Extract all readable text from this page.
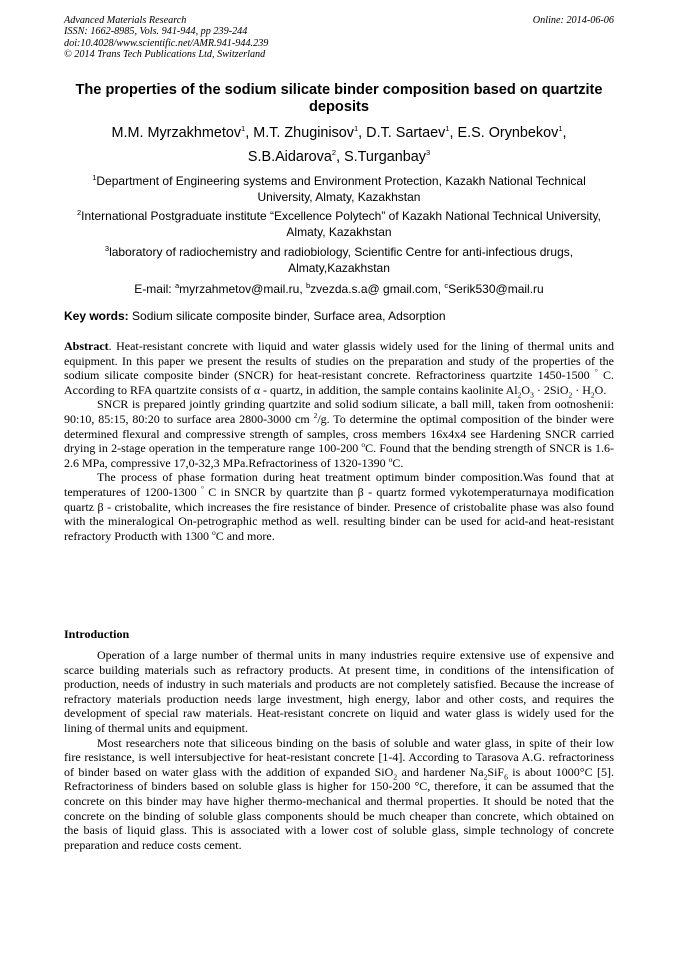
Advanced Materials Research
ISSN: 1662-8985, Vols. 941-944, pp 239-244
doi:10.4028/www.scientific.net/AMR.941-944.239
© 2014 Trans Tech Publications Ltd, Switzerland
Online: 2014-06-06
The properties of the sodium silicate binder composition based on quartzite deposits
M.M. Myrzakhmetov$^1$, M.T. Zhuginisov$^1$, D.T. Sartaev$^1$, E.S. Orynbekov$^1$,
S.B.Aidarova$^2$, S.Turganbay$^3$
$^1$Department of Engineering systems and Environment Protection, Kazakh National Technical University, Almaty, Kazakhstan
$^2$International Postgraduate institute “Excellence Polytech” of Kazakh National Technical University, Almaty, Kazakhstan
$^3$laboratory of radiochemistry and radiobiology, Scientific Centre for anti-infectious drugs, Almaty,Kazakhstan
E-mail: $^a$myrzahmetov@mail.ru, $^b$zvezda.s.a@ gmail.com, $^c$Serik530@mail.ru
Key words: Sodium silicate composite binder, Surface area, Adsorption

Abstract. Heat-resistant concrete with liquid and water glassis widely used for the lining of thermal units and equipment. In this paper we present the results of studies on the preparation and study of the properties of the sodium silicate composite binder (SNCR) for heat-resistant concrete. Refractoriness quartzite 1450-1500 ° C. According to RFA quartzite consists of α - quartz, in addition, the sample contains kaolinite $Al_2O_3 \cdot 2SiO_2 \cdot H_2O$.

SNCR is prepared jointly grinding quartzite and solid sodium silicate, a ball mill, taken from ootnoshenii: 90:10, 85:15, 80:20 to surface area 2800-3000 cm $^2$/g. To determine the optimal composition of the binder were determined flexural and compressive strength of samples, cross members 16x4x4 see Hardening SNCR carried drying in 2-stage operation in the temperature range 100-200 $^o$C. Found that the bending strength of SNCR is 1.6-2.6 MPa, compressive 17,0-32,3 MPa.Refractoriness of 1320-1390 $^o$C.

The process of phase formation during heat treatment optimum binder composition.Was found that at temperatures of 1200-1300 ° C in SNCR by quartzite than β - quartz formed vykotemperaturnaya modification quartz β - cristobalite, which increases the fire resistance of binder. Presence of cristobalite phase was also found with the mineralogical On-petrographic method as well. resulting binder can be used for acid-and heat-resistant refractory Producth with 1300 $^o$C and more.

Introduction

Operation of a large number of thermal units in many industries require extensive use of expensive and scarce building materials such as refractory products. At present time, in conditions of the intensification of production, needs of industry in such materials and products are not completely satisfied. Because the increase of refractory materials production needs large investment, high energy, labor and other costs, and requires the development of special raw materials. Heat-resistant concrete on liquid and water glass is widely used for the lining of thermal units and equipment.

Most researchers note that siliceous binding on the basis of soluble and water glass, in spite of their low fire resistance, is well intersubjective for heat-resistant concrete [1-4]. According to Tarasova A.G. refractoriness of binder based on water glass with the addition of expanded SiO$_2$ and hardener $Na_2SiF_6$ is about 1000°C [5]. Refractoriness of binders based on soluble glass is higher for 150-200 °C, therefore, it can be assumed that the concrete on this binder may have higher thermo-mechanical and thermal properties. It should be noted that the concrete on the binding of soluble glass components should be much cheaper than concrete, which obtained on the basis of liquid glass. This is associated with a lower cost of soluble glass, simple technology of concrete preparation and reduce costs cement.
